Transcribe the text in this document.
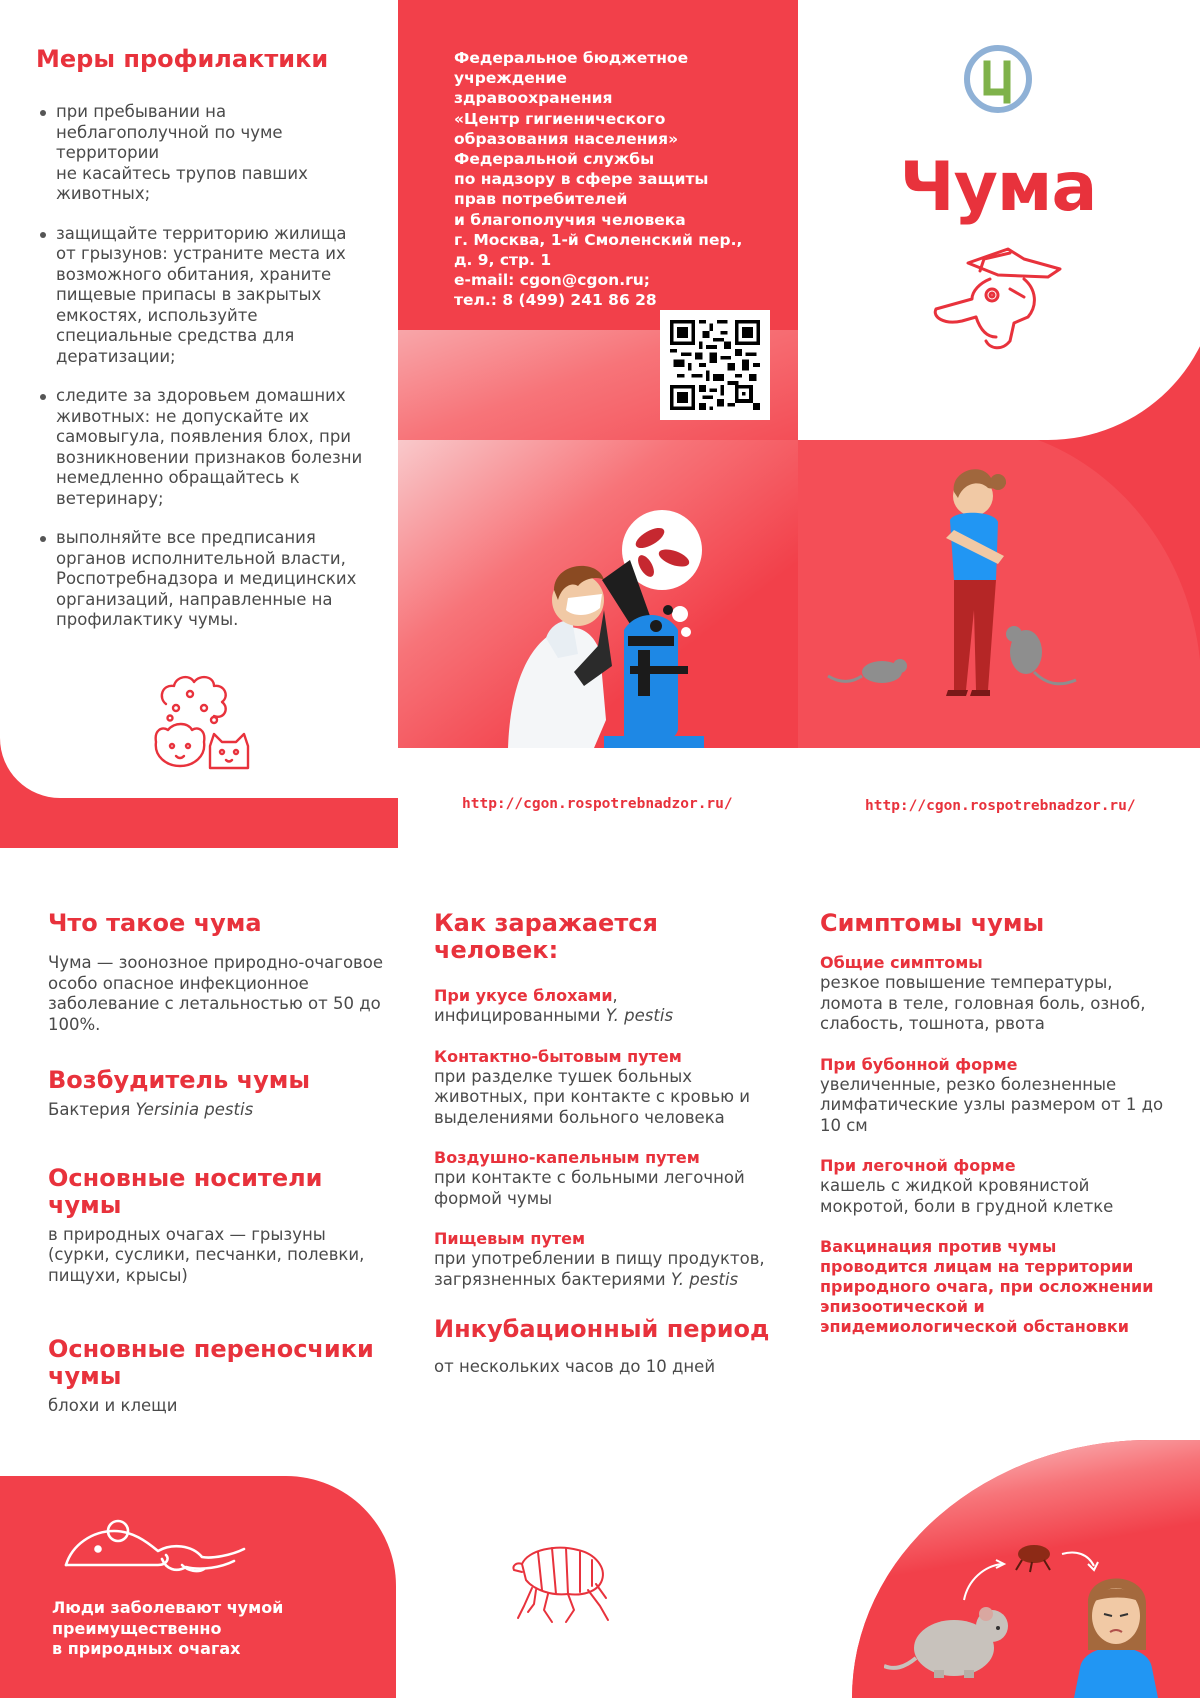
Меры профилактики
при пребывании на неблагополучной по чуме территории
не касайтесь трупов павших животных;
защищайте территорию жилища от грызунов: устраните места их возможного обитания, храните пищевые припасы в закрытых емкостях, используйте специальные средства для дератизации;
следите за здоровьем домашних животных: не допускайте их самовыгула, появления блох, при возникновении признаков болезни немедленно обращайтесь к ветеринару;
выполняйте все предписания органов исполнительной власти, Роспотребнадзора и медицинских организаций, направленные на профилактику чумы.
Федеральное бюджетное
учреждение
здравоохранения
«Центр гигиенического
образования населения»
Федеральной службы
по надзору в сфере защиты
прав потребителей
и благополучия человека
г. Москва, 1-й Смоленский пер.,
д. 9, стр. 1
e-mail: cgon@cgon.ru;
тел.: 8 (499) 241 86 28
Чума
http://cgon.rospotrebnadzor.ru/	http://cgon.rospotrebnadzor.ru/
Что такое чума
Чума — зоонозное природно-очаговое особо опасное инфекционное заболевание с летальностью от 50 до 100%.
Возбудитель чумы
Бактерия Yersinia pestis
Основные носители чумы
в природных очагах — грызуны (сурки, суслики, песчанки, полевки, пищухи, крысы)
Основные переносчики чумы
блохи и клещи
Как заражается человек:
При укусе блохами,
инфицированными Y. pestis
Контактно-бытовым путем
при разделке тушек больных животных, при контакте с кровью и выделениями больного человека
Воздушно-капельным путем
при контакте с больными легочной формой чумы
Пищевым путем
при употреблении в пищу продуктов, загрязненных бактериями Y. pestis
Инкубационный период
от нескольких часов до 10 дней
Симптомы чумы
Общие симптомы
резкое повышение температуры, ломота в теле, головная боль, озноб, слабость, тошнота, рвота
При бубонной форме
увеличенные, резко болезненные лимфатические узлы размером от 1 до 10 см
При легочной форме
кашель с жидкой кровянистой мокротой, боли в грудной клетке
Вакцинация против чумы проводится лицам на территории природного очага, при осложнении эпизоотической и эпидемиологической обстановки
Люди заболевают чумой
преимущественно
в природных очагах
